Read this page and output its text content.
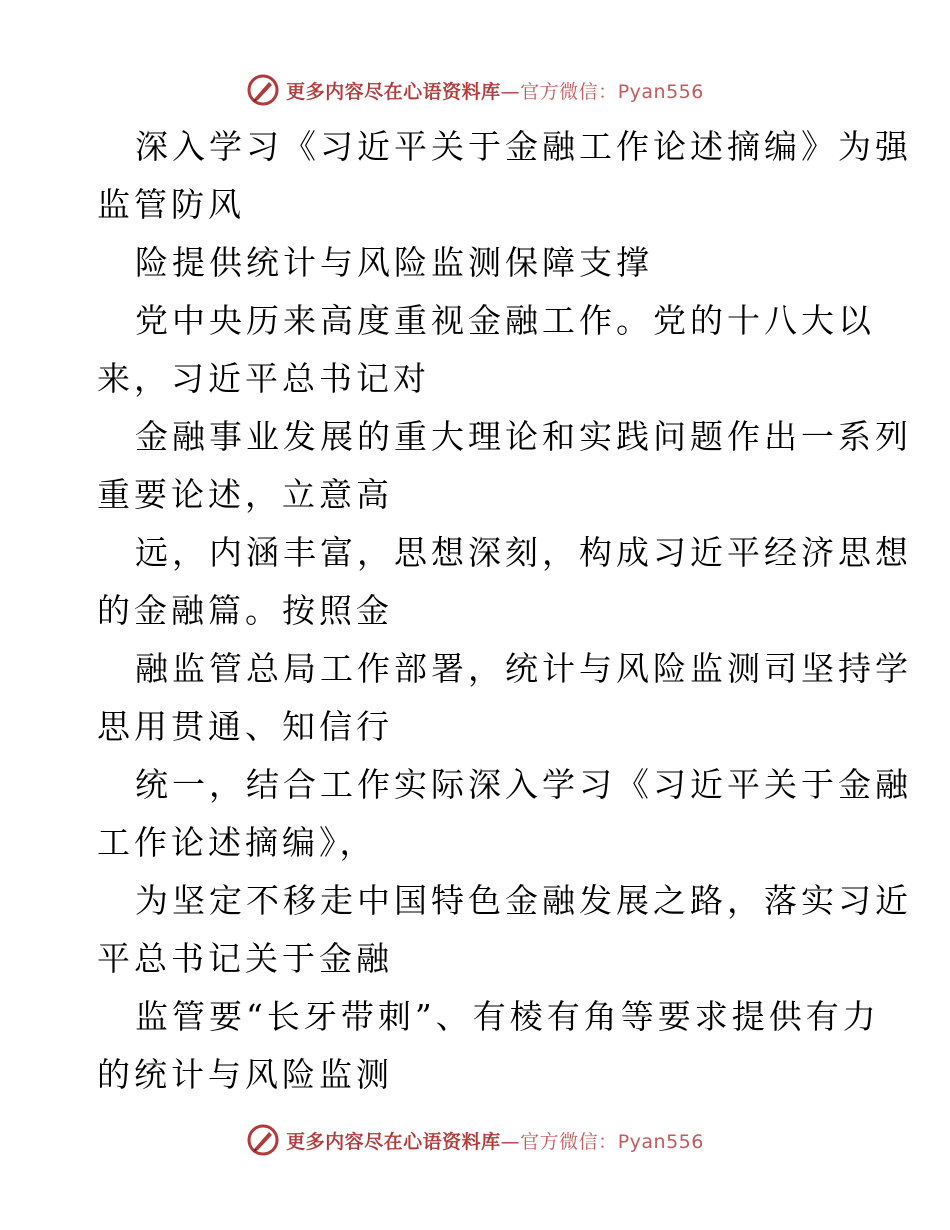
更多内容尽在心语资料库—官方微信：Pyan556
深入学习《习近平关于金融工作论述摘编》为强
监管防风
险提供统计与风险监测保障支撑
党中央历来高度重视金融工作。党的十八大以
来，习近平总书记对
金融事业发展的重大理论和实践问题作出一系列
重要论述，立意高
远，内涵丰富，思想深刻，构成习近平经济思想
的金融篇。按照金
融监管总局工作部署，统计与风险监测司坚持学
思用贯通、知信行
统一，结合工作实际深入学习《习近平关于金融
工作论述摘编》，
为坚定不移走中国特色金融发展之路，落实习近
平总书记关于金融
监管要“长牙带刺”、有棱有角等要求提供有力
的统计与风险监测
更多内容尽在心语资料库—官方微信：Pyan556
